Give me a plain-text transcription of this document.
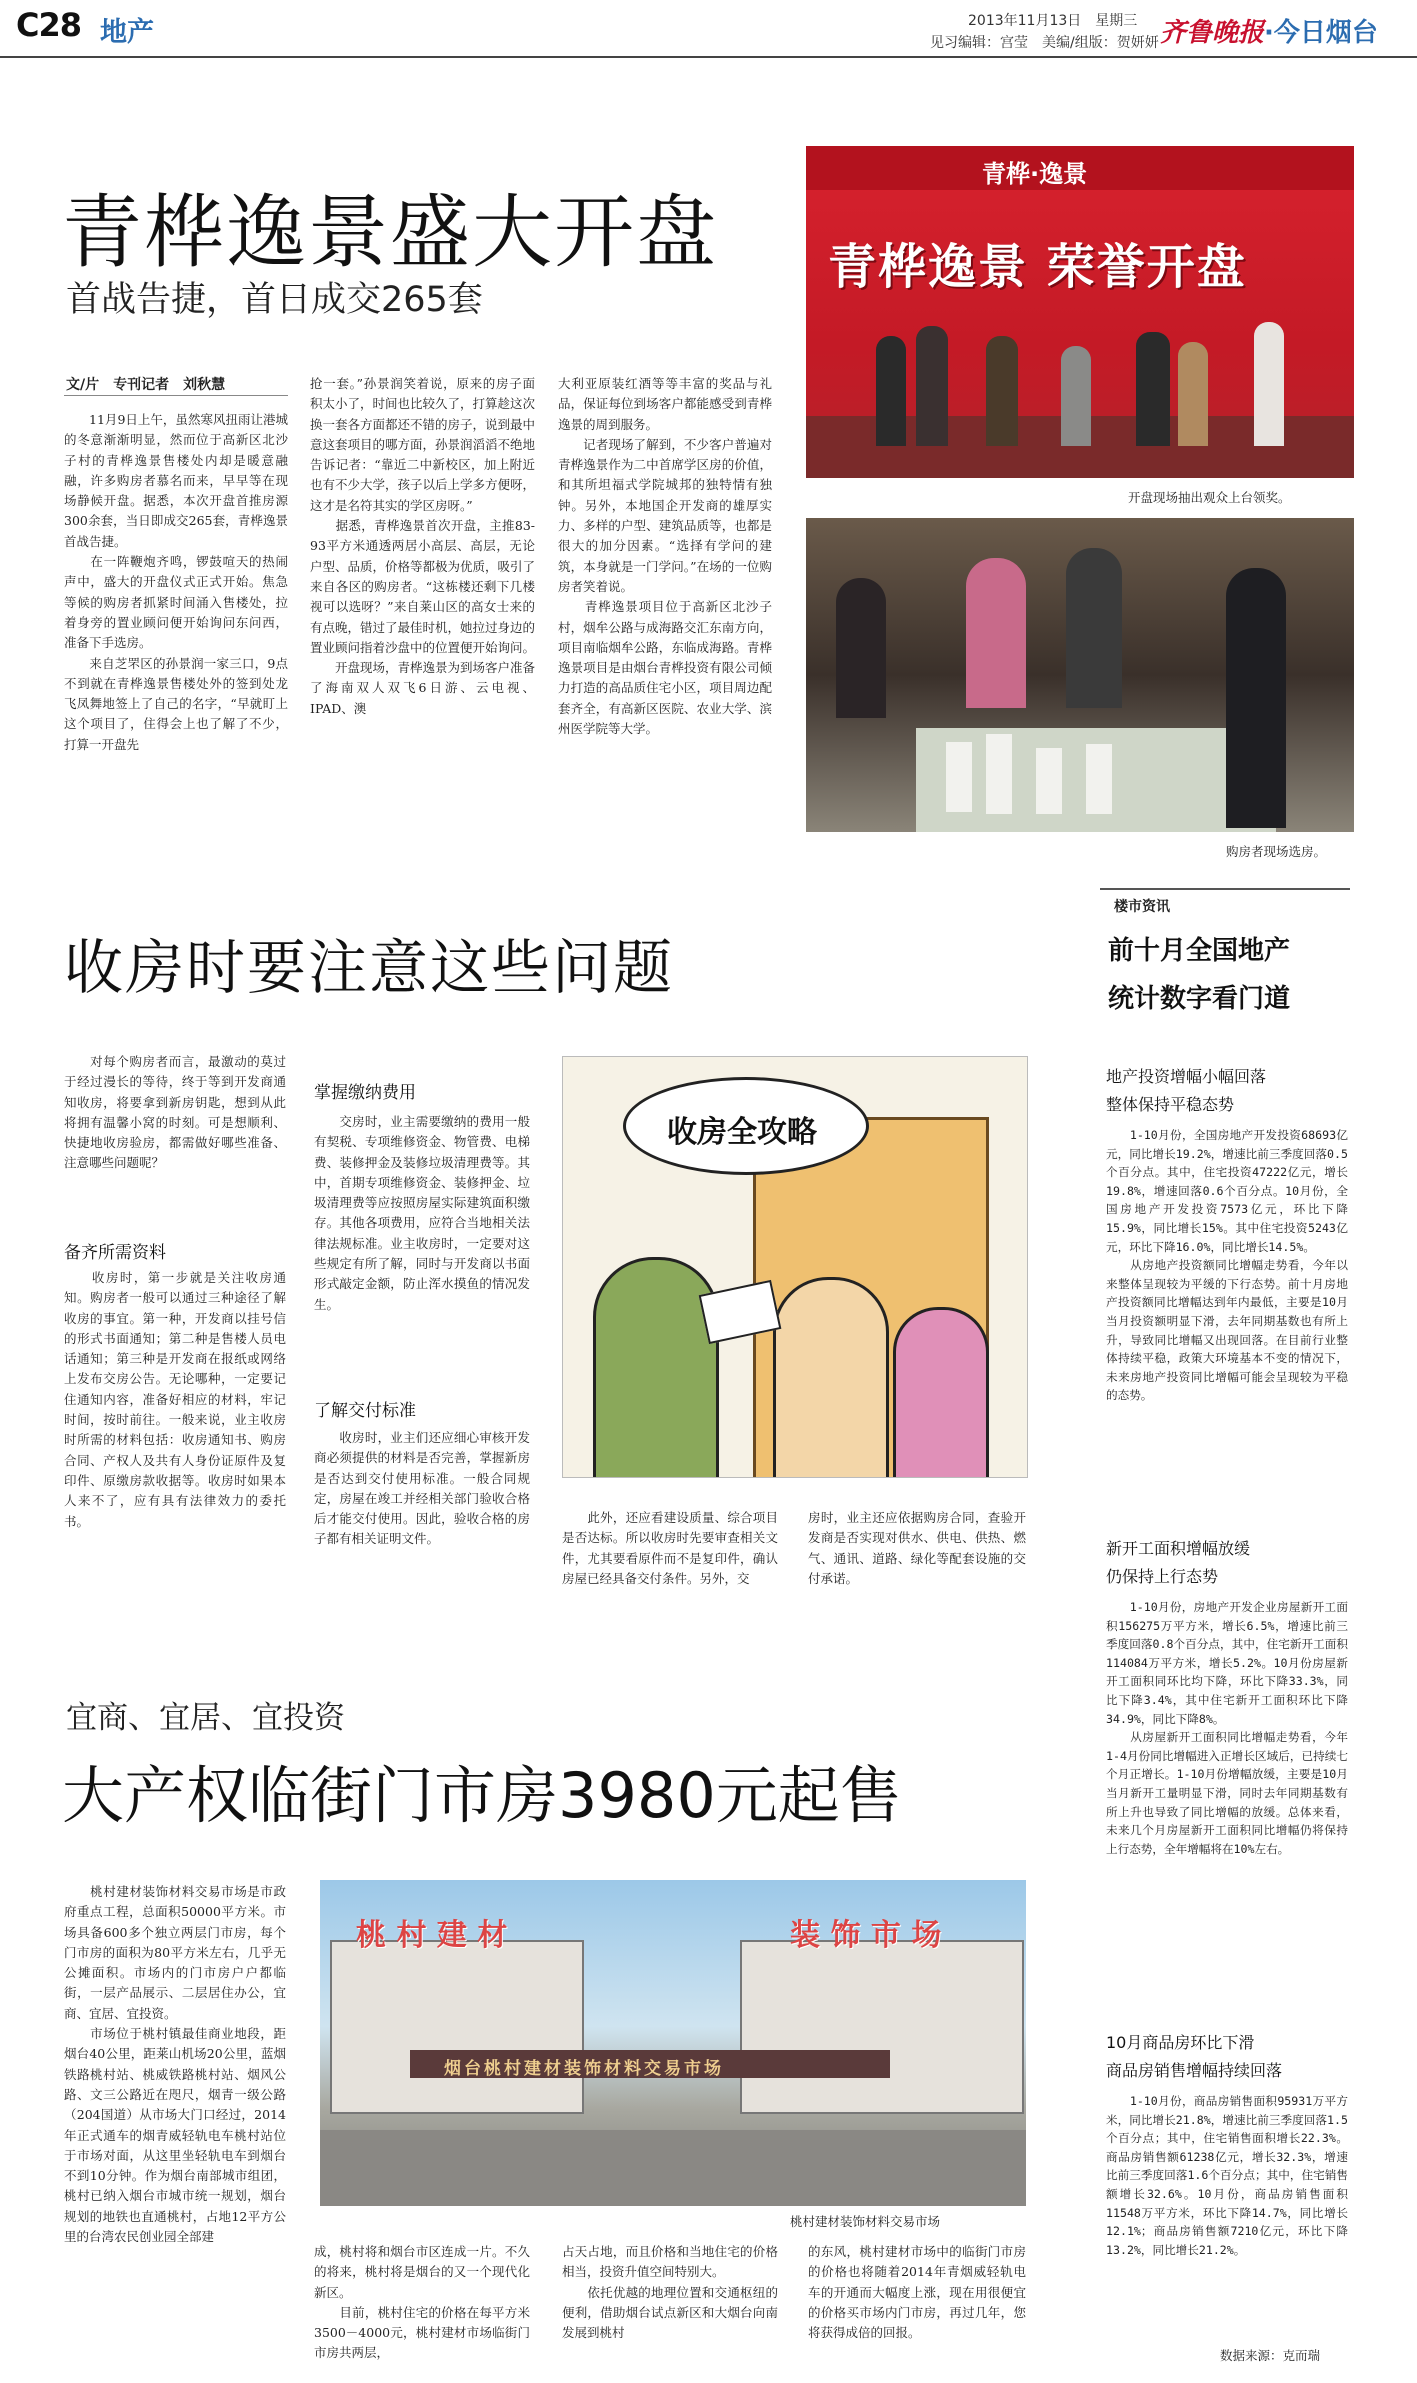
C28 地产	2013年11月13日　星期三
见习编辑：宫莹　美编/组版：贺妍妍 齐鲁晚报·今日烟台
青桦逸景盛大开盘
首战告捷，首日成交265套
文/片　专刊记者　刘秋慧
　　11月9日上午，虽然寒风扭雨让港城的冬意渐渐明显，然而位于高新区北沙子村的青桦逸景售楼处内却是暖意融融，许多购房者慕名而来，早早等在现场静候开盘。据悉，本次开盘首推房源300余套，当日即成交265套，青桦逸景首战告捷。
　　在一阵鞭炮齐鸣，锣鼓喧天的热闹声中，盛大的开盘仪式正式开始。焦急等候的购房者抓紧时间涌入售楼处，拉着身旁的置业顾问便开始询问东问西，准备下手选房。
　　来自芝罘区的孙景润一家三口，9点不到就在青桦逸景售楼处外的签到处龙飞凤舞地签上了自己的名字，“早就盯上这个项目了，住得会上也了解了不少，打算一开盘先
抢一套。”孙景润笑着说，原来的房子面积太小了，时间也比较久了，打算趁这次换一套各方面都还不错的房子，说到最中意这套项目的哪方面，孙景润滔滔不绝地告诉记者：“靠近二中新校区，加上附近也有不少大学，孩子以后上学多方便呀，这才是名符其实的学区房呀。”
　　据悉，青桦逸景首次开盘，主推83-93平方米通透两居小高层、高层，无论户型、品质，价格等都极为优质，吸引了来自各区的购房者。“这栋楼还剩下几楼视可以选呀？”来自莱山区的高女士来的有点晚，错过了最佳时机，她拉过身边的置业顾问指着沙盘中的位置便开始询问。
　　开盘现场，青桦逸景为到场客户准备了海南双人双飞6日游、云电视、IPAD、澳
大利亚原装红酒等等丰富的奖品与礼品，保证每位到场客户都能感受到青桦逸景的周到服务。
　　记者现场了解到，不少客户普遍对青桦逸景作为二中首席学区房的价值，和其所坦福式学院城邦的独特情有独钟。另外，本地国企开发商的雄厚实力、多样的户型、建筑品质等，也都是很大的加分因素。“选择有学问的建筑，本身就是一门学问。”在场的一位购房者笑着说。
　　青桦逸景项目位于高新区北沙子村，烟牟公路与成海路交汇东南方向，项目南临烟牟公路，东临成海路。青桦逸景项目是由烟台青桦投资有限公司倾力打造的高品质住宅小区，项目周边配套齐全，有高新区医院、农业大学、滨州医学院等大学。
青桦·逸景
青桦逸景 荣誉开盘
开盘现场抽出观众上台领奖。
购房者现场选房。
楼市资讯
前十月全国地产
统计数字看门道
地产投资增幅小幅回落
整体保持平稳态势
　　1-10月份，全国房地产开发投资68693亿元，同比增长19.2%，增速比前三季度回落0.5个百分点。其中，住宅投资47222亿元，增长19.8%，增速回落0.6个百分点。10月份，全国房地产开发投资7573亿元，环比下降15.9%，同比增长15%。其中住宅投资5243亿元，环比下降16.0%，同比增长14.5%。
　　从房地产投资额同比增幅走势看，今年以来整体呈现较为平缓的下行态势。前十月房地产投资额同比增幅达到年内最低，主要是10月当月投资额明显下滑，去年同期基数也有所上升，导致同比增幅又出现回落。在目前行业整体持续平稳，政策大环境基本不变的情况下，未来房地产投资同比增幅可能会呈现较为平稳的态势。
新开工面积增幅放缓
仍保持上行态势
　　1-10月份，房地产开发企业房屋新开工面积156275万平方米，增长6.5%，增速比前三季度回落0.8个百分点，其中，住宅新开工面积114084万平方米，增长5.2%。10月份房屋新开工面积同环比均下降，环比下降33.3%，同比下降3.4%，其中住宅新开工面积环比下降34.9%，同比下降8%。
　　从房屋新开工面积同比增幅走势看，今年1-4月份同比增幅进入正增长区域后，已持续七个月正增长。1-10月份增幅放缓，主要是10月当月新开工量明显下滑，同时去年同期基数有所上升也导致了同比增幅的放缓。总体来看，未来几个月房屋新开工面积同比增幅仍将保持上行态势，全年增幅将在10%左右。
10月商品房环比下滑
商品房销售增幅持续回落
　　1-10月份，商品房销售面积95931万平方米，同比增长21.8%，增速比前三季度回落1.5个百分点；其中，住宅销售面积增长22.3%。商品房销售额61238亿元，增长32.3%，增速比前三季度回落1.6个百分点；其中，住宅销售额增长32.6%。10月份，商品房销售面积11548万平方米，环比下降14.7%，同比增长12.1%；商品房销售额7210亿元，环比下降13.2%，同比增长21.2%。
数据来源：克而瑞
收房时要注意这些问题
　　对每个购房者而言，最激动的莫过于经过漫长的等待，终于等到开发商通知收房，将要拿到新房钥匙，想到从此将拥有温馨小窝的时刻。可是想顺利、快捷地收房验房，都需做好哪些准备、注意哪些问题呢？
备齐所需资料
　　收房时，第一步就是关注收房通知。购房者一般可以通过三种途径了解收房的事宜。第一种，开发商以挂号信的形式书面通知；第二种是售楼人员电话通知；第三种是开发商在报纸或网络上发布交房公告。无论哪种，一定要记住通知内容，准备好相应的材料，牢记时间，按时前往。一般来说，业主收房时所需的材料包括：收房通知书、购房合同、产权人及共有人身份证原件及复印件、原缴房款收据等。收房时如果本人来不了，应有具有法律效力的委托书。
掌握缴纳费用
　　交房时，业主需要缴纳的费用一般有契税、专项维修资金、物管费、电梯费、装修押金及装修垃圾清理费等。其中，首期专项维修资金、装修押金、垃圾清理费等应按照房屋实际建筑面积缴存。其他各项费用，应符合当地相关法律法规标准。业主收房时，一定要对这些规定有所了解，同时与开发商以书面形式敲定金额，防止浑水摸鱼的情况发生。
了解交付标准
　　收房时，业主们还应细心审核开发商必须提供的材料是否完善，掌握新房是否达到交付使用标准。一般合同规定，房屋在竣工并经相关部门验收合格后才能交付使用。因此，验收合格的房子都有相关证明文件。
收房全攻略
　　此外，还应看建设质量、综合项目是否达标。所以收房时先要审查相关文件，尤其要看原件而不是复印件，确认房屋已经具备交付条件。另外，交
房时，业主还应依据购房合同，查验开发商是否实现对供水、供电、供热、燃气、通讯、道路、绿化等配套设施的交付承诺。
宜商、宜居、宜投资
大产权临街门市房3980元起售
　　桃村建材装饰材料交易市场是市政府重点工程，总面积50000平方米。市场具备600多个独立两层门市房，每个门市房的面积为80平方米左右，几乎无公摊面积。市场内的门市房户户都临街，一层产品展示、二层居住办公，宜商、宜居、宜投资。
　　市场位于桃村镇最佳商业地段，距烟台40公里，距莱山机场20公里，蓝烟铁路桃村站、桃威铁路桃村站、烟风公路、文三公路近在咫尺，烟青一级公路（204国道）从市场大门口经过，2014年正式通车的烟青威轻轨电车桃村站位于市场对面，从这里坐轻轨电车到烟台不到10分钟。作为烟台南部城市组团，桃村已纳入烟台市城市统一规划，烟台规划的地铁也直通桃村，占地12平方公里的台湾农民创业园全部建
桃 村 建 材	装 饰 市 场
烟台桃村建材装饰材料交易市场
桃村建材装饰材料交易市场
成，桃村将和烟台市区连成一片。不久的将来，桃村将是烟台的又一个现代化新区。
　　目前，桃村住宅的价格在每平方米3500－4000元，桃村建材市场临街门市房共两层，
占天占地，而且价格和当地住宅的价格相当，投资升值空间特别大。
　　依托优越的地理位置和交通枢纽的便利，借助烟台试点新区和大烟台向南发展到桃村
的东风，桃村建材市场中的临街门市房的价格也将随着2014年青烟威轻轨电车的开通而大幅度上涨，现在用很便宜的价格买市场内门市房，再过几年，您将获得成倍的回报。
